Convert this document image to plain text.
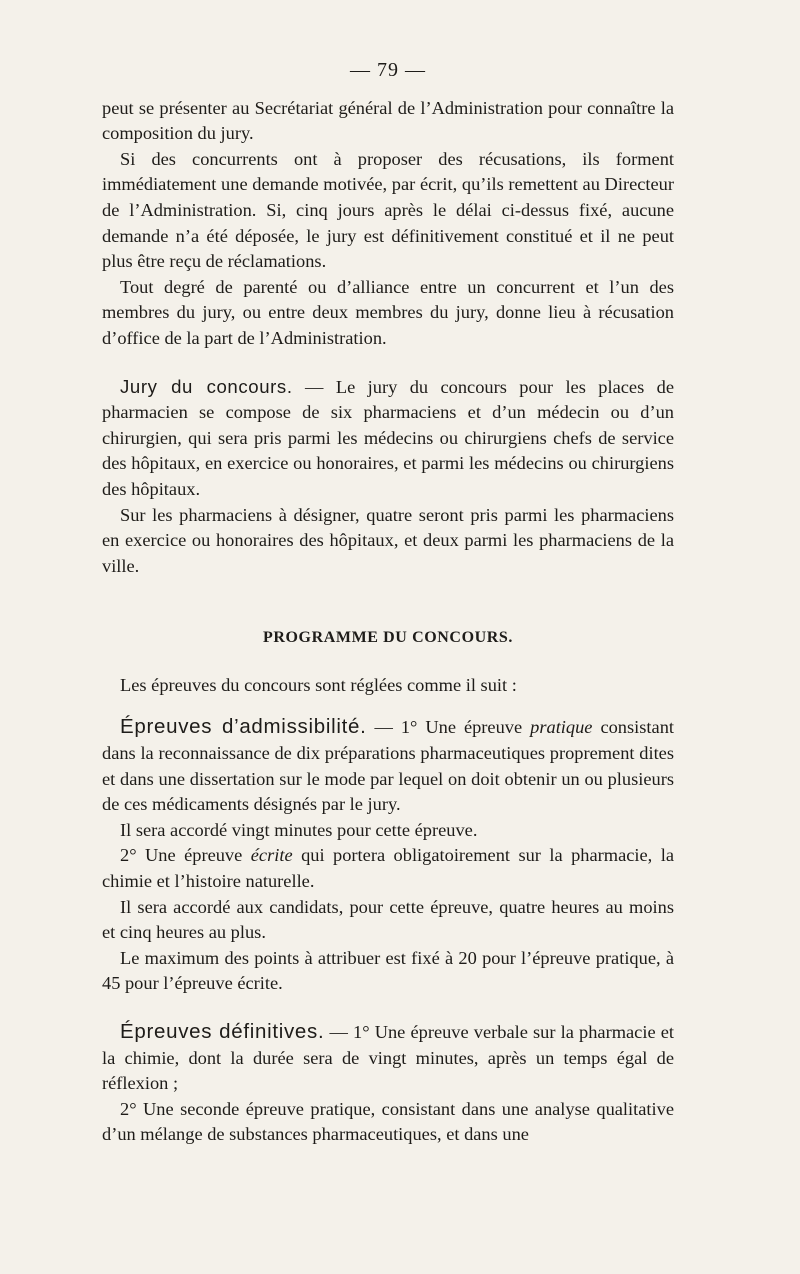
— 79 —

peut se présenter au Secrétariat général de l’Administration pour connaître la composition du jury.

Si des concurrents ont à proposer des récusations, ils forment immédiatement une demande motivée, par écrit, qu’ils remettent au Directeur de l’Administration. Si, cinq jours après le délai ci-dessus fixé, aucune demande n’a été déposée, le jury est définitivement constitué et il ne peut plus être reçu de réclamations.

Tout degré de parenté ou d’alliance entre un concurrent et l’un des membres du jury, ou entre deux membres du jury, donne lieu à récusation d’office de la part de l’Administration.

Jury du concours. — Le jury du concours pour les places de pharmacien se compose de six pharmaciens et d’un médecin ou d’un chirurgien, qui sera pris parmi les médecins ou chirurgiens chefs de service des hôpitaux, en exercice ou honoraires, et parmi les médecins ou chirurgiens des hôpitaux.

Sur les pharmaciens à désigner, quatre seront pris parmi les pharmaciens en exercice ou honoraires des hôpitaux, et deux parmi les pharmaciens de la ville.

PROGRAMME DU CONCOURS.

Les épreuves du concours sont réglées comme il suit :

Épreuves d’admissibilité. — 1° Une épreuve pratique consistant dans la reconnaissance de dix préparations pharmaceutiques proprement dites et dans une dissertation sur le mode par lequel on doit obtenir un ou plusieurs de ces médicaments désignés par le jury.

Il sera accordé vingt minutes pour cette épreuve.

2° Une épreuve écrite qui portera obligatoirement sur la pharmacie, la chimie et l’histoire naturelle.

Il sera accordé aux candidats, pour cette épreuve, quatre heures au moins et cinq heures au plus.

Le maximum des points à attribuer est fixé à 20 pour l’épreuve pratique, à 45 pour l’épreuve écrite.

Épreuves définitives. — 1° Une épreuve verbale sur la pharmacie et la chimie, dont la durée sera de vingt minutes, après un temps égal de réflexion ;

2° Une seconde épreuve pratique, consistant dans une analyse qualitative d’un mélange de substances pharmaceutiques, et dans une
